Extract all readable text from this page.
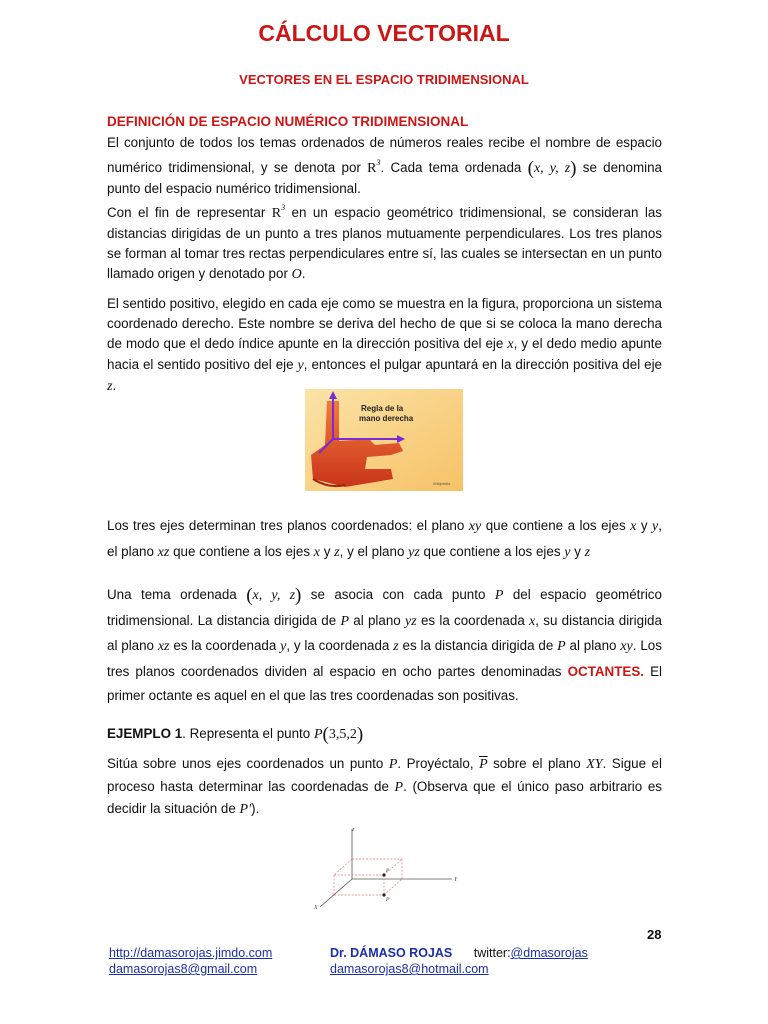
CÁLCULO VECTORIAL
VECTORES EN EL ESPACIO TRIDIMENSIONAL
DEFINICIÓN DE ESPACIO NUMÉRICO TRIDIMENSIONAL
El conjunto de todos los temas ordenados de números reales recibe el nombre de espacio numérico tridimensional, y se denota por $R^3$. Cada tema ordenada (x, y, z) se denomina punto del espacio numérico tridimensional.
Con el fin de representar $R^3$ en un espacio geométrico tridimensional, se consideran las distancias dirigidas de un punto a tres planos mutuamente perpendiculares. Los tres planos se forman al tomar tres rectas perpendiculares entre sí, las cuales se intersectan en un punto llamado origen y denotado por O.
El sentido positivo, elegido en cada eje como se muestra en la figura, proporciona un sistema coordenado derecho. Este nombre se deriva del hecho de que si se coloca la mano derecha de modo que el dedo índice apunte en la dirección positiva del eje x, y el dedo medio apunte hacia el sentido positivo del eje y, entonces el pulgar apuntará en la dirección positiva del eje z.
Regla de la
mano derecha
Wikipedia
Los tres ejes determinan tres planos coordenados: el plano xy que contiene a los ejes x y y, el plano xz que contiene a los ejes x y z, y el plano yz que contiene a los ejes y y z
Una tema ordenada (x, y, z) se asocia con cada punto P del espacio geométrico tridimensional. La distancia dirigida de P al plano yz es la coordenada x, su distancia dirigida al plano xz es la coordenada y, y la coordenada z es la distancia dirigida de P al plano xy. Los tres planos coordenados dividen al espacio en ocho partes denominadas OCTANTES. El primer octante es aquel en el que las tres coordenadas son positivas.
EJEMPLO 1. Representa el punto P(3,5,2)
Sitúa sobre unos ejes coordenados un punto P. Proyéctalo, $\overline{P}$ sobre el plano XY. Sigue el proceso hasta determinar las coordenadas de P. (Observa que el único paso arbitrario es decidir la situación de P′).
z
Y
X
P
P'
28
http://damasorojas.jimdo.com
damasorojas8@gmail.com
Dr. DÁMASO ROJAS twitter:@dmasorojas
damasorojas8@hotmail.com
